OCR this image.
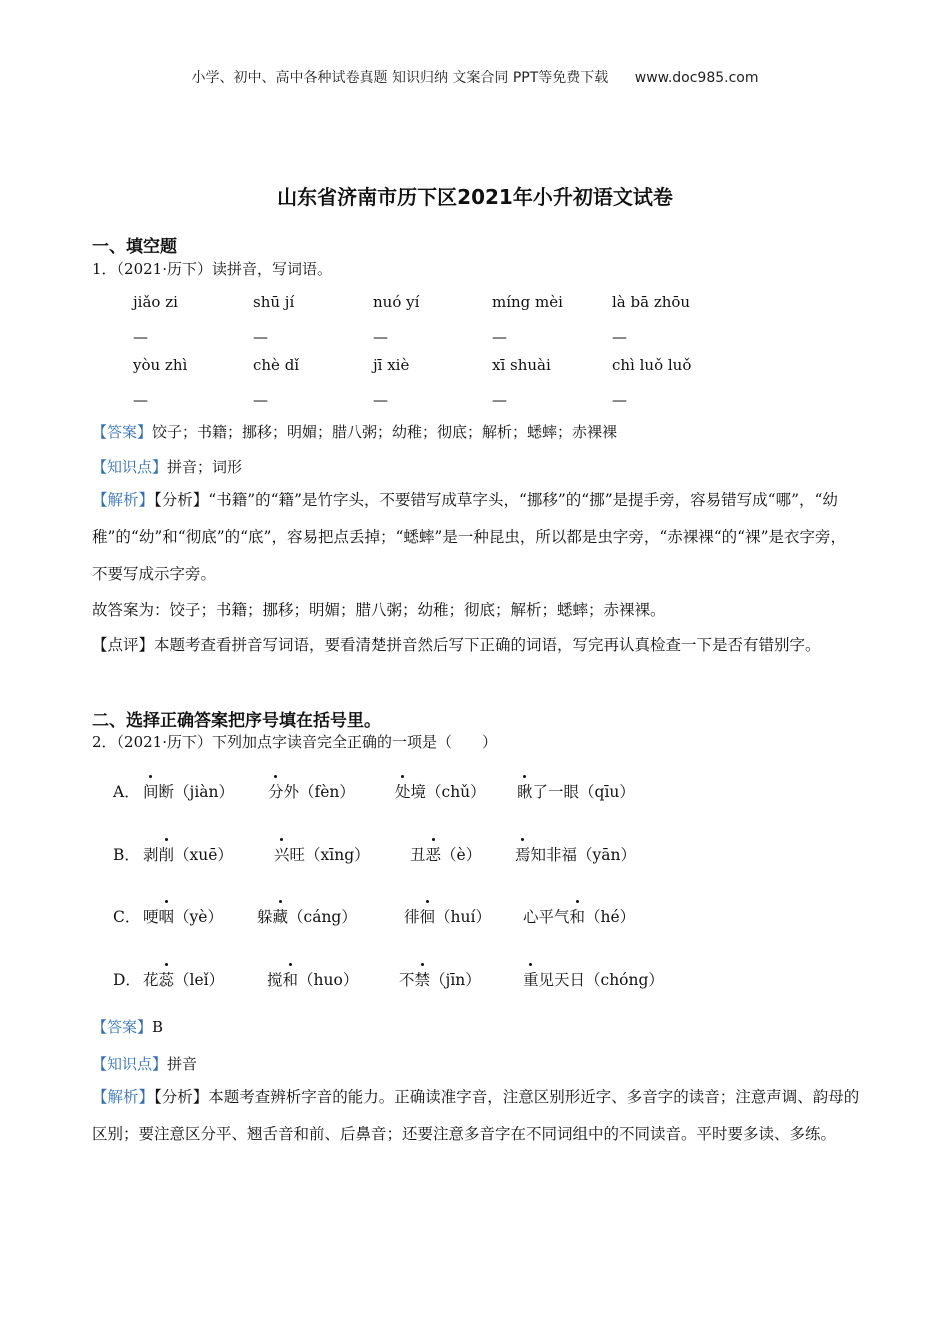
小学、初中、高中各种试卷真题 知识归纳 文案合同 PPT等免费下载 www.doc985.com
山东省济南市历下区2021年小升初语文试卷
一、填空题
1．（2021·历下）读拼音，写词语。
jiǎo zi	shū jí	nuó yí	míng mèi	là bā zhōu
—	—	—	—	—
yòu zhì	chè dǐ	jī xiè	xī shuài	chì luǒ luǒ
—	—	—	—	—
【答案】饺子；书籍；挪移；明媚；腊八粥；幼稚；彻底；解析；蟋蟀；赤裸裸
【知识点】拼音；词形
【解析】【分析】“书籍”的“籍”是竹字头，不要错写成草字头，“挪移”的“挪”是提手旁，容易错写成“哪”，“幼稚”的“幼”和“彻底”的“底”，容易把点丢掉；“蟋蟀”是一种昆虫，所以都是虫字旁，“赤裸裸“的“裸”是衣字旁，不要写成示字旁。
故答案为：饺子；书籍；挪移；明媚；腊八粥；幼稚；彻底；解析；蟋蟀；赤裸裸。
【点评】本题考查看拼音写词语，要看清楚拼音然后写下正确的词语，写完再认真检查一下是否有错别字。
二、选择正确答案把序号填在括号里。
2．（2021·历下）下列加点字读音完全正确的一项是（　　）
A． 间断（jiàn） 分外（fèn）	处境（chǔ） 瞅了一眼（qīu）
B． 剥削（xuē）	兴旺（xīng）	丑恶（è） 焉知非福（yān）
C． 哽咽（yè） 躲藏（cáng）	徘徊（huí） 心平气和（hé）
D． 花蕊（leǐ）	搅和（huo）	不禁（jīn）	重见天日（chóng）
【答案】B
【知识点】拼音
【解析】【分析】本题考查辨析字音的能力。正确读准字音，注意区别形近字、多音字的读音；注意声调、韵母的区别；要注意区分平、翘舌音和前、后鼻音；还要注意多音字在不同词组中的不同读音。平时要多读、多练。
